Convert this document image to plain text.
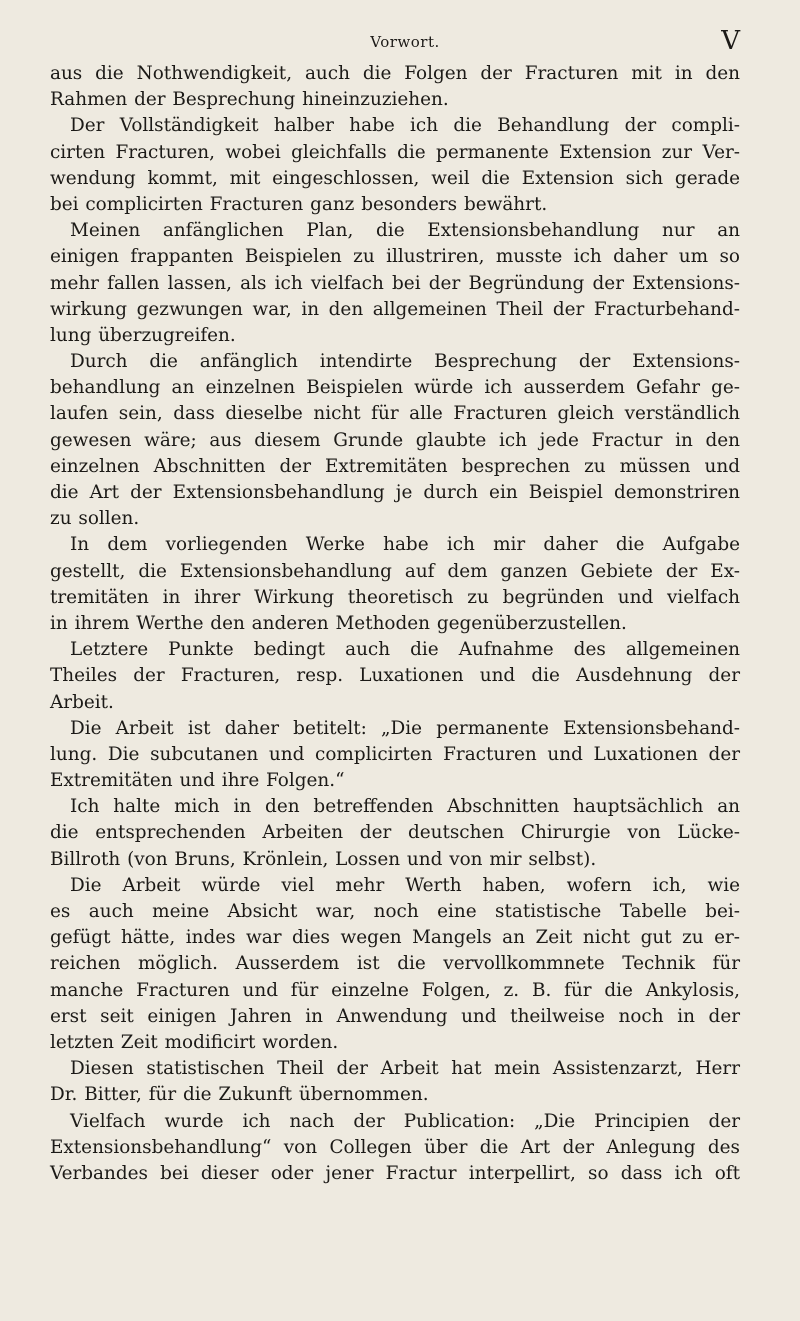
Vorwort.	V
aus die Nothwendigkeit, auch die Folgen der Fracturen mit in den
Rahmen der Besprechung hineinzuziehen.
Der Vollständigkeit halber habe ich die Behandlung der compli-
cirten Fracturen, wobei gleichfalls die permanente Extension zur Ver-
wendung kommt, mit eingeschlossen, weil die Extension sich gerade
bei complicirten Fracturen ganz besonders bewährt.
Meinen anfänglichen Plan, die Extensionsbehandlung nur an
einigen frappanten Beispielen zu illustriren, musste ich daher um so
mehr fallen lassen, als ich vielfach bei der Begründung der Extensions-
wirkung gezwungen war, in den allgemeinen Theil der Fracturbehand-
lung überzugreifen.
Durch die anfänglich intendirte Besprechung der Extensions-
behandlung an einzelnen Beispielen würde ich ausserdem Gefahr ge-
laufen sein, dass dieselbe nicht für alle Fracturen gleich verständlich
gewesen wäre; aus diesem Grunde glaubte ich jede Fractur in den
einzelnen Abschnitten der Extremitäten besprechen zu müssen und
die Art der Extensionsbehandlung je durch ein Beispiel demonstriren
zu sollen.
In dem vorliegenden Werke habe ich mir daher die Aufgabe
gestellt, die Extensionsbehandlung auf dem ganzen Gebiete der Ex-
tremitäten in ihrer Wirkung theoretisch zu begründen und vielfach
in ihrem Werthe den anderen Methoden gegenüberzustellen.
Letztere Punkte bedingt auch die Aufnahme des allgemeinen
Theiles der Fracturen, resp. Luxationen und die Ausdehnung der
Arbeit.
Die Arbeit ist daher betitelt: „Die permanente Extensionsbehand-
lung. Die subcutanen und complicirten Fracturen und Luxationen der
Extremitäten und ihre Folgen.“
Ich halte mich in den betreffenden Abschnitten hauptsächlich an
die entsprechenden Arbeiten der deutschen Chirurgie von Lücke-
Billroth (von Bruns, Krönlein, Lossen und von mir selbst).
Die Arbeit würde viel mehr Werth haben, wofern ich, wie
es auch meine Absicht war, noch eine statistische Tabelle bei-
gefügt hätte, indes war dies wegen Mangels an Zeit nicht gut zu er-
reichen möglich. Ausserdem ist die vervollkommnete Technik für
manche Fracturen und für einzelne Folgen, z. B. für die Ankylosis,
erst seit einigen Jahren in Anwendung und theilweise noch in der
letzten Zeit modificirt worden.
Diesen statistischen Theil der Arbeit hat mein Assistenzarzt, Herr
Dr. Bitter, für die Zukunft übernommen.
Vielfach wurde ich nach der Publication: „Die Principien der
Extensionsbehandlung“ von Collegen über die Art der Anlegung des
Verbandes bei dieser oder jener Fractur interpellirt, so dass ich oft
